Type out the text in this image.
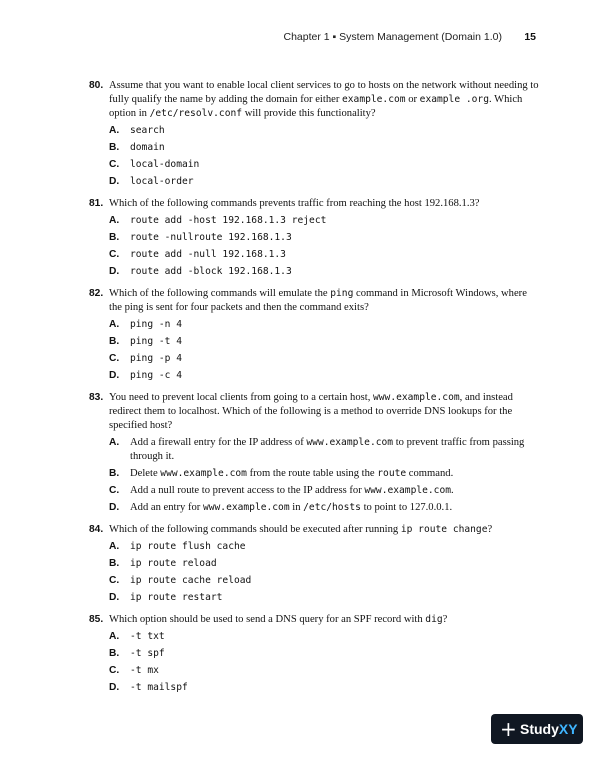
Chapter 1 ▪ System Management (Domain 1.0) 15
80. Assume that you want to enable local client services to go to hosts on the network without needing to fully qualify the name by adding the domain for either example.com or example .org. Which option in /etc/resolv.conf will provide this functionality?
A. search
B. domain
C. local-domain
D. local-order
81. Which of the following commands prevents traffic from reaching the host 192.168.1.3?
A. route add -host 192.168.1.3 reject
B. route -nullroute 192.168.1.3
C. route add -null 192.168.1.3
D. route add -block 192.168.1.3
82. Which of the following commands will emulate the ping command in Microsoft Windows, where the ping is sent for four packets and then the command exits?
A. ping -n 4
B. ping -t 4
C. ping -p 4
D. ping -c 4
83. You need to prevent local clients from going to a certain host, www.example.com, and instead redirect them to localhost. Which of the following is a method to override DNS lookups for the specified host?
A. Add a firewall entry for the IP address of www.example.com to prevent traffic from passing through it.
B. Delete www.example.com from the route table using the route command.
C. Add a null route to prevent access to the IP address for www.example.com.
D. Add an entry for www.example.com in /etc/hosts to point to 127.0.0.1.
84. Which of the following commands should be executed after running ip route change?
A. ip route flush cache
B. ip route reload
C. ip route cache reload
D. ip route restart
85. Which option should be used to send a DNS query for an SPF record with dig?
A. -t txt
B. -t spf
C. -t mx
D. -t mailspf
+ StudyXY
